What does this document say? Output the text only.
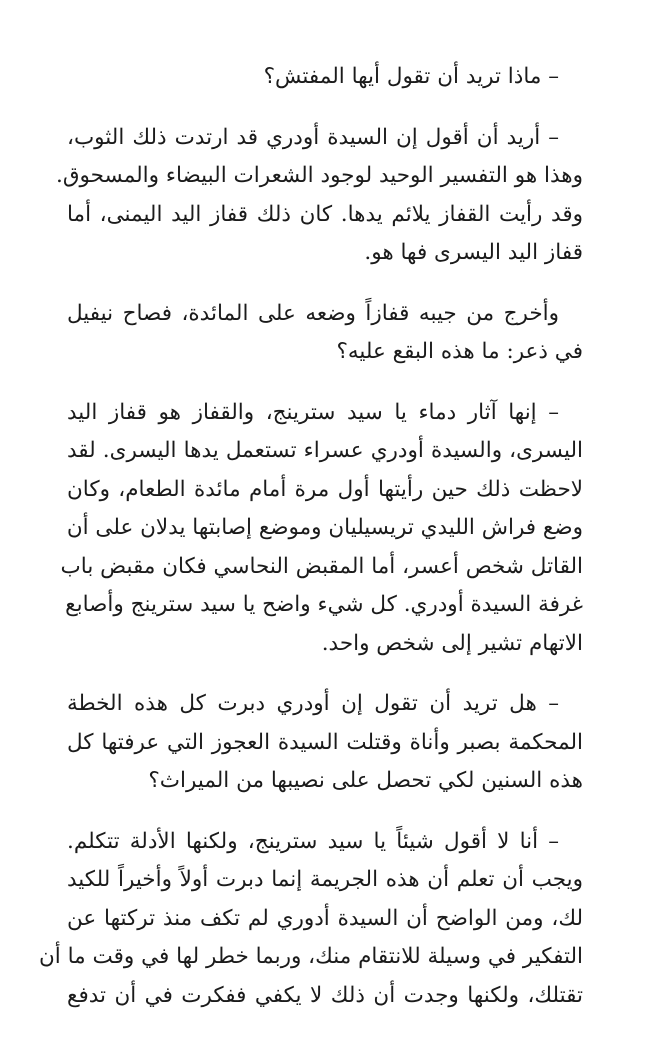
– ماذا تريد أن تقول أيها المفتش؟

– أريد أن أقول إن السيدة أودري قد ارتدت ذلك الثوب،
وهذا هو التفسير الوحيد لوجود الشعرات البيضاء والمسحوق.
وقد رأيت القفاز يلائم يدها. كان ذلك قفاز اليد اليمنى، أما
قفاز اليد اليسرى فها هو.

وأخرج من جيبه قفازاً وضعه على المائدة، فصاح نيفيل
في ذعر: ما هذه البقع عليه؟

– إنها آثار دماء يا سيد سترينج، والقفاز هو قفاز اليد
اليسرى، والسيدة أودري عسراء تستعمل يدها اليسرى. لقد
لاحظت ذلك حين رأيتها أول مرة أمام مائدة الطعام، وكان
وضع فراش الليدي تريسيليان وموضع إصابتها يدلان على أن
القاتل شخص أعسر، أما المقبض النحاسي فكان مقبض باب
غرفة السيدة أودري. كل شيء واضح يا سيد سترينج وأصابع
الاتهام تشير إلى شخص واحد.

– هل تريد أن تقول إن أودري دبرت كل هذه الخطة
المحكمة بصبر وأناة وقتلت السيدة العجوز التي عرفتها كل
هذه السنين لكي تحصل على نصيبها من الميراث؟

– أنا لا أقول شيئاً يا سيد سترينج، ولكنها الأدلة تتكلم.
ويجب أن تعلم أن هذه الجريمة إنما دبرت أولاً وأخيراً للكيد
لك، ومن الواضح أن السيدة أدوري لم تكف منذ تركتها عن
التفكير في وسيلة للانتقام منك، وربما خطر لها في وقت ما أن
تقتلك، ولكنها وجدت أن ذلك لا يكفي ففكرت في أن تدفع
